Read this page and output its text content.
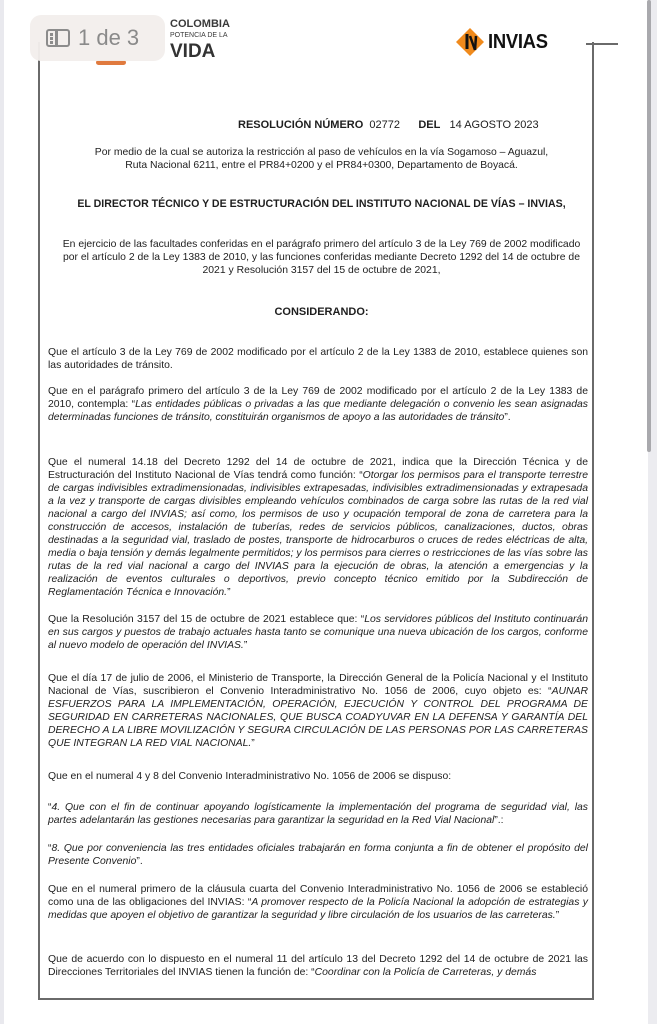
COLOMBIA
POTENCIA DE LA
VIDA
1 de 3	INVIAS
RESOLUCIÓN NÚMERO 02772 DEL 14 AGOSTO 2023
Por medio de la cual se autoriza la restricción al paso de vehículos en la vía Sogamoso – Aguazul, Ruta Nacional 6211, entre el PR84+0200 y el PR84+0300, Departamento de Boyacá.
EL DIRECTOR TÉCNICO Y DE ESTRUCTURACIÓN DEL INSTITUTO NACIONAL DE VÍAS – INVIAS,
En ejercicio de las facultades conferidas en el parágrafo primero del artículo 3 de la Ley 769 de 2002 modificado por el artículo 2 de la Ley 1383 de 2010, y las funciones conferidas mediante Decreto 1292 del 14 de octubre de 2021 y Resolución 3157 del 15 de octubre de 2021,
CONSIDERANDO:
Que el artículo 3 de la Ley 769 de 2002 modificado por el artículo 2 de la Ley 1383 de 2010, establece quienes son las autoridades de tránsito.
Que en el parágrafo primero del artículo 3 de la Ley 769 de 2002 modificado por el artículo 2 de la Ley 1383 de 2010, contempla: “Las entidades públicas o privadas a las que mediante delegación o convenio les sean asignadas determinadas funciones de tránsito, constituirán organismos de apoyo a las autoridades de tránsito”.
Que el numeral 14.18 del Decreto 1292 del 14 de octubre de 2021, indica que la Dirección Técnica y de Estructuración del Instituto Nacional de Vías tendrá como función: “Otorgar los permisos para el transporte terrestre de cargas indivisibles extradimensionadas, indivisibles extrapesadas, indivisibles extradimensionadas y extrapesada a la vez y transporte de cargas divisibles empleando vehículos combinados de carga sobre las rutas de la red vial nacional a cargo del INVIAS; así como, los permisos de uso y ocupación temporal de zona de carretera para la construcción de accesos, instalación de tuberías, redes de servicios públicos, canalizaciones, ductos, obras destinadas a la seguridad vial, traslado de postes, transporte de hidrocarburos o cruces de redes eléctricas de alta, media o baja tensión y demás legalmente permitidos; y los permisos para cierres o restricciones de las vías sobre las rutas de la red vial nacional a cargo del INVIAS para la ejecución de obras, la atención a emergencias y la realización de eventos culturales o deportivos, previo concepto técnico emitido por la Subdirección de Reglamentación Técnica e Innovación.”
Que la Resolución 3157 del 15 de octubre de 2021 establece que: “Los servidores públicos del Instituto continuarán en sus cargos y puestos de trabajo actuales hasta tanto se comunique una nueva ubicación de los cargos, conforme al nuevo modelo de operación del INVIAS.”
Que el día 17 de julio de 2006, el Ministerio de Transporte, la Dirección General de la Policía Nacional y el Instituto Nacional de Vías, suscribieron el Convenio Interadministrativo No. 1056 de 2006, cuyo objeto es: “AUNAR ESFUERZOS PARA LA IMPLEMENTACIÓN, OPERACIÓN, EJECUCIÓN Y CONTROL DEL PROGRAMA DE SEGURIDAD EN CARRETERAS NACIONALES, QUE BUSCA COADYUVAR EN LA DEFENSA Y GARANTÍA DEL DERECHO A LA LIBRE MOVILIZACIÓN Y SEGURA CIRCULACIÓN DE LAS PERSONAS POR LAS CARRETERAS QUE INTEGRAN LA RED VIAL NACIONAL.”
Que en el numeral 4 y 8 del Convenio Interadministrativo No. 1056 de 2006 se dispuso:
“4. Que con el fin de continuar apoyando logísticamente la implementación del programa de seguridad vial, las partes adelantarán las gestiones necesarias para garantizar la seguridad en la Red Vial Nacional”.:
“8. Que por conveniencia las tres entidades oficiales trabajarán en forma conjunta a fin de obtener el propósito del Presente Convenio”.
Que en el numeral primero de la cláusula cuarta del Convenio Interadministrativo No. 1056 de 2006 se estableció como una de las obligaciones del INVIAS: “A promover respecto de la Policía Nacional la adopción de estrategias y medidas que apoyen el objetivo de garantizar la seguridad y libre circulación de los usuarios de las carreteras.”
Que de acuerdo con lo dispuesto en el numeral 11 del artículo 13 del Decreto 1292 del 14 de octubre de 2021 las Direcciones Territoriales del INVIAS tienen la función de: “Coordinar con la Policía de Carreteras, y demás
